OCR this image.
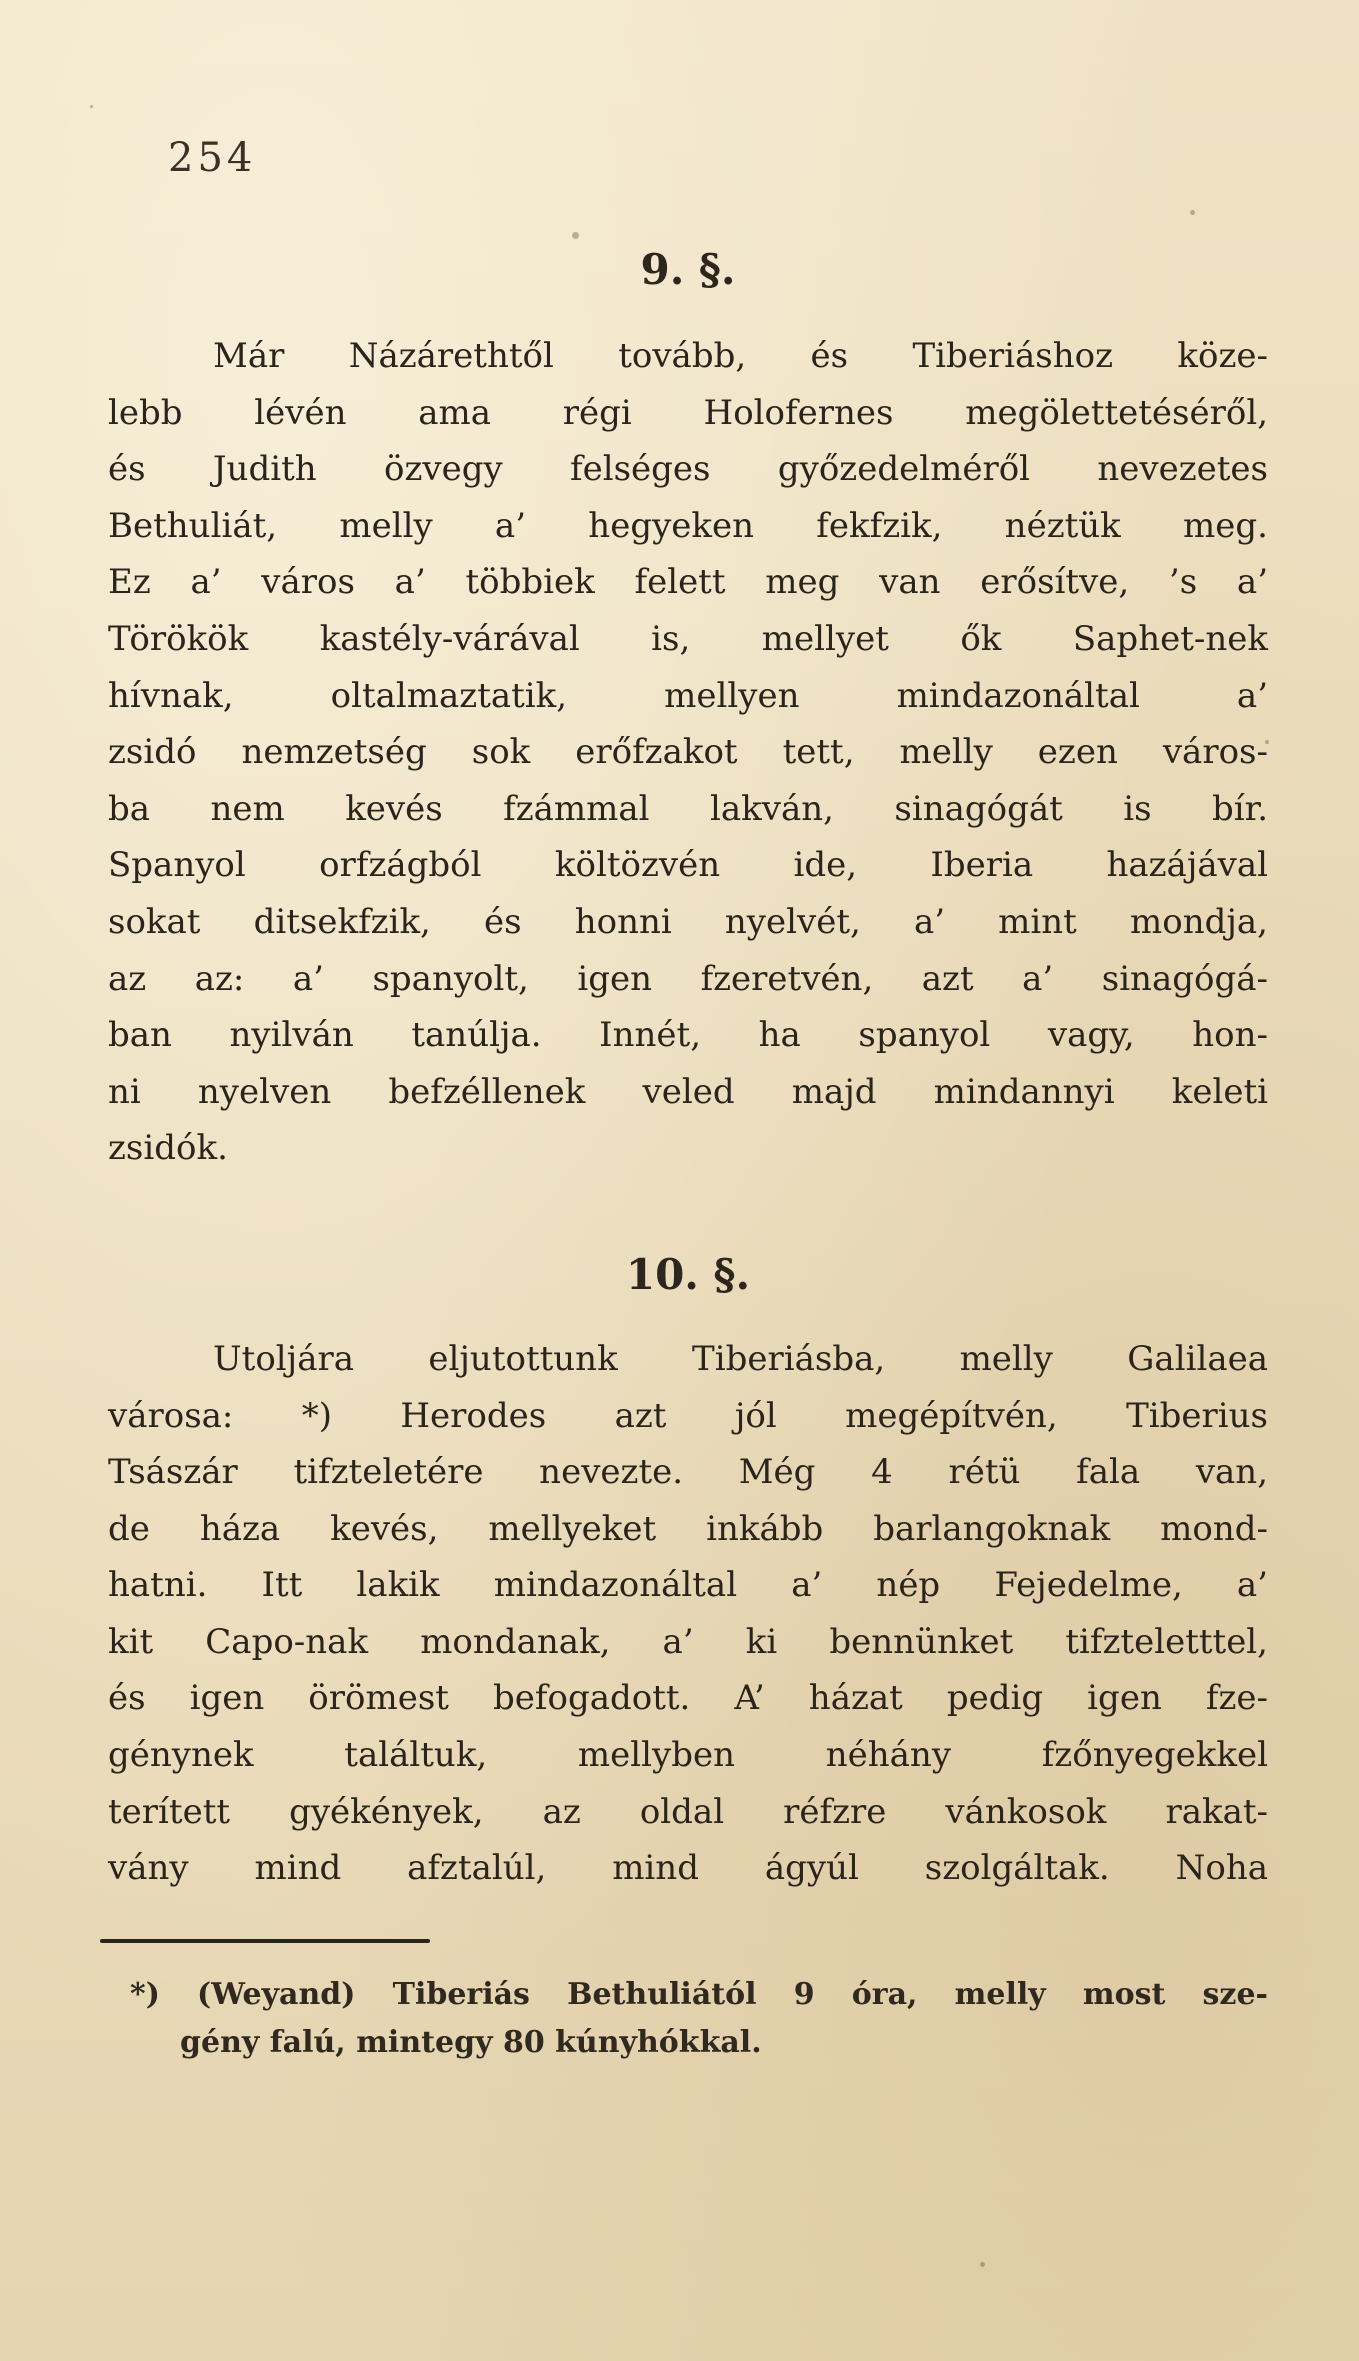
254
9. §.

Már Názárethtől tovább, és Tiberiáshoz köze-
lebb lévén ama régi Holofernes megölettetéséről,
és Judith özvegy felséges győzedelméről nevezetes
Bethuliát, melly a’ hegyeken fekfzik, néztük meg.
Ez a’ város a’ többiek felett meg van erősítve, ’s a’
Törökök kastély-várával is, mellyet ők Saphet-nek
hívnak, oltalmaztatik, mellyen mindazonáltal a’
zsidó nemzetség sok erőfzakot tett, melly ezen város-
ba nem kevés fzámmal lakván, sinagógát is bír.
Spanyol orfzágból költözvén ide, Iberia hazájával
sokat ditsekfzik, és honni nyelvét, a’ mint mondja,
az az: a’ spanyolt, igen fzeretvén, azt a’ sinagógá-
ban nyilván tanúlja. Innét, ha spanyol vagy, hon-
ni nyelven befzéllenek veled majd mindannyi keleti
zsidók.

10. §.

Utoljára eljutottunk Tiberiásba, melly Galilaea
városa: *) Herodes azt jól megépítvén, Tiberius
Tsászár tifzteletére nevezte. Még 4 rétü fala van,
de háza kevés, mellyeket inkább barlangoknak mond-
hatni. Itt lakik mindazonáltal a’ nép Fejedelme, a’
kit Capo-nak mondanak, a’ ki bennünket tifzteletttel,
és igen örömest befogadott. A’ házat pedig igen fze-
génynek találtuk, mellyben néhány fzőnyegekkel
terített gyékények, az oldal réfzre vánkosok rakat-
vány mind afztalúl, mind ágyúl szolgáltak. Noha

*) (Weyand) Tiberiás Bethuliától 9 óra, melly most sze-
gény falú, mintegy 80 kúnyhókkal.
